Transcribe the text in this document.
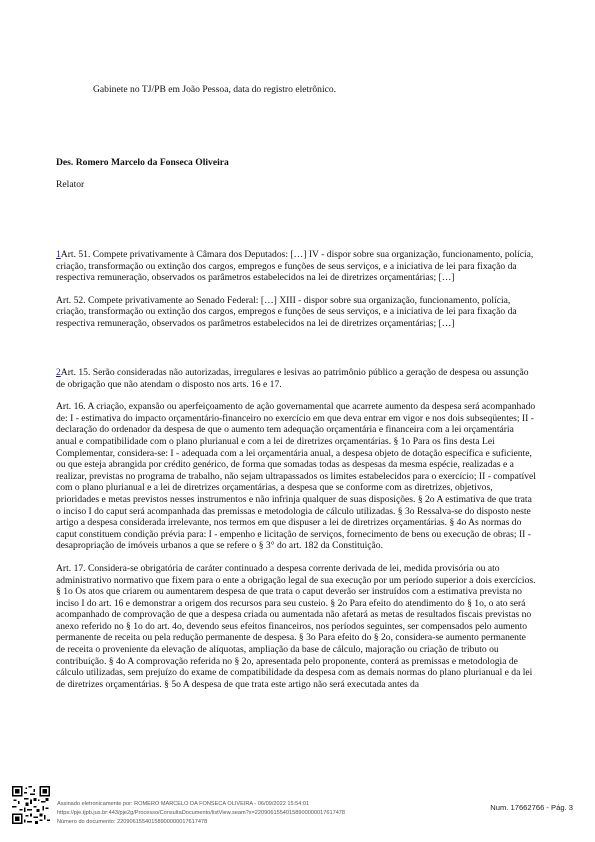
Gabinete no TJ/PB em João Pessoa, data do registro eletrônico.
Des. Romero Marcelo da Fonseca Oliveira
Relator

1Art. 51. Compete privativamente à Câmara dos Deputados: […] IV - dispor sobre sua organização, funcionamento, polícia, criação, transformação ou extinção dos cargos, empregos e funções de seus serviços, e a iniciativa de lei para fixação da respectiva remuneração, observados os parâmetros estabelecidos na lei de diretrizes orçamentárias; […]

Art. 52. Compete privativamente ao Senado Federal: […] XIII - dispor sobre sua organização, funcionamento, polícia, criação, transformação ou extinção dos cargos, empregos e funções de seus serviços, e a iniciativa de lei para fixação da respectiva remuneração, observados os parâmetros estabelecidos na lei de diretrizes orçamentárias; […]

2Art. 15. Serão consideradas não autorizadas, irregulares e lesivas ao patrimônio público a geração de despesa ou assunção de obrigação que não atendam o disposto nos arts. 16 e 17.

Art. 16. A criação, expansão ou aperfeiçoamento de ação governamental que acarrete aumento da despesa será acompanhado de: I - estimativa do impacto orçamentário-financeiro no exercício em que deva entrar em vigor e nos dois subseqüentes; II - declaração do ordenador da despesa de que o aumento tem adequação orçamentária e financeira com a lei orçamentária anual e compatibilidade com o plano plurianual e com a lei de diretrizes orçamentárias. § 1o Para os fins desta Lei Complementar, considera-se: I - adequada com a lei orçamentária anual, a despesa objeto de dotação específica e suficiente, ou que esteja abrangida por crédito genérico, de forma que somadas todas as despesas da mesma espécie, realizadas e a realizar, previstas no programa de trabalho, não sejam ultrapassados os limites estabelecidos para o exercício; II - compatível com o plano plurianual e a lei de diretrizes orçamentárias, a despesa que se conforme com as diretrizes, objetivos, prioridades e metas previstos nesses instrumentos e não infrinja qualquer de suas disposições. § 2o A estimativa de que trata o inciso I do caput será acompanhada das premissas e metodologia de cálculo utilizadas. § 3o Ressalva-se do disposto neste artigo a despesa considerada irrelevante, nos termos em que dispuser a lei de diretrizes orçamentárias. § 4o As normas do caput constituem condição prévia para: I - empenho e licitação de serviços, fornecimento de bens ou execução de obras; II - desapropriação de imóveis urbanos a que se refere o § 3° do art. 182 da Constituição.

Art. 17. Considera-se obrigatória de caráter continuado a despesa corrente derivada de lei, medida provisória ou ato administrativo normativo que fixem para o ente a obrigação legal de sua execução por um período superior a dois exercícios. § 1o Os atos que criarem ou aumentarem despesa de que trata o caput deverão ser instruídos com a estimativa prevista no inciso I do art. 16 e demonstrar a origem dos recursos para seu custeio. § 2o Para efeito do atendimento do § 1o, o ato será acompanhado de comprovação de que a despesa criada ou aumentada não afetará as metas de resultados fiscais previstas no anexo referido no § 1o do art. 4o, devendo seus efeitos financeiros, nos períodos seguintes, ser compensados pelo aumento permanente de receita ou pela redução permanente de despesa. § 3o Para efeito do § 2o, considera-se aumento permanente de receita o proveniente da elevação de alíquotas, ampliação da base de cálculo, majoração ou criação de tributo ou contribuição. § 4o A comprovação referida no § 2o, apresentada pelo proponente, conterá as premissas e metodologia de cálculo utilizadas, sem prejuízo do exame de compatibilidade da despesa com as demais normas do plano plurianual e da lei de diretrizes orçamentárias. § 5o A despesa de que trata este artigo não será executada antes da

Assinado eletronicamente por: ROMERO MARCELO DA FONSECA OLIVEIRA - 06/09/2022 15:54:01
https://pje.tjpb.jus.br:443/pje2g/Processo/ConsultaDocumento/listView.seam?x=22090615540158900000017617478
Número do documento: 22090615540158900000017617478
Num. 17662766 - Pág. 3
